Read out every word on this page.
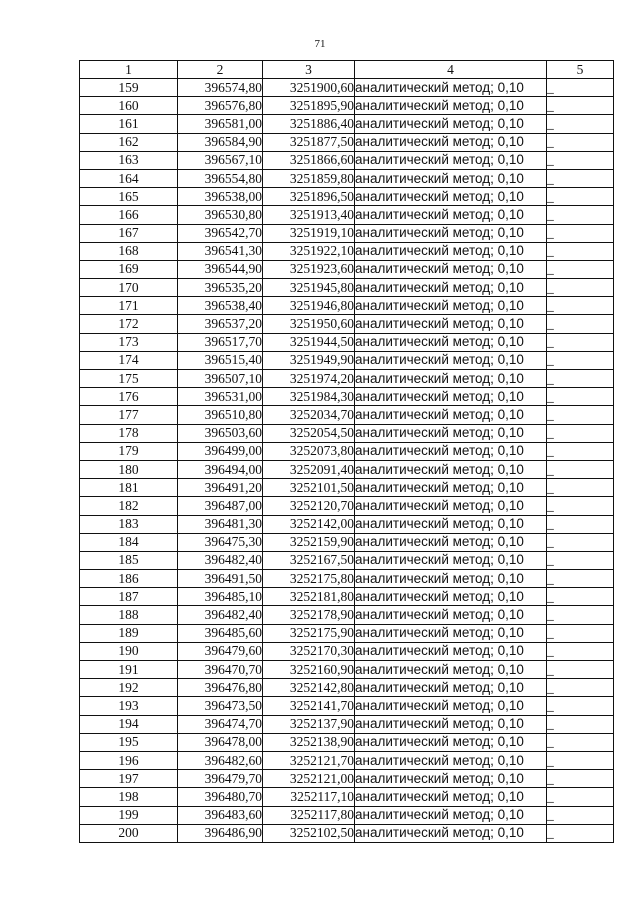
71
1	2	3	4	5
159	396574,80	3251900,60	аналитический метод; 0,10	_
160	396576,80	3251895,90	аналитический метод; 0,10	_
161	396581,00	3251886,40	аналитический метод; 0,10	_
162	396584,90	3251877,50	аналитический метод; 0,10	_
163	396567,10	3251866,60	аналитический метод; 0,10	_
164	396554,80	3251859,80	аналитический метод; 0,10	_
165	396538,00	3251896,50	аналитический метод; 0,10	_
166	396530,80	3251913,40	аналитический метод; 0,10	_
167	396542,70	3251919,10	аналитический метод; 0,10	_
168	396541,30	3251922,10	аналитический метод; 0,10	_
169	396544,90	3251923,60	аналитический метод; 0,10	_
170	396535,20	3251945,80	аналитический метод; 0,10	_
171	396538,40	3251946,80	аналитический метод; 0,10	_
172	396537,20	3251950,60	аналитический метод; 0,10	_
173	396517,70	3251944,50	аналитический метод; 0,10	_
174	396515,40	3251949,90	аналитический метод; 0,10	_
175	396507,10	3251974,20	аналитический метод; 0,10	_
176	396531,00	3251984,30	аналитический метод; 0,10	_
177	396510,80	3252034,70	аналитический метод; 0,10	_
178	396503,60	3252054,50	аналитический метод; 0,10	_
179	396499,00	3252073,80	аналитический метод; 0,10	_
180	396494,00	3252091,40	аналитический метод; 0,10	_
181	396491,20	3252101,50	аналитический метод; 0,10	_
182	396487,00	3252120,70	аналитический метод; 0,10	_
183	396481,30	3252142,00	аналитический метод; 0,10	_
184	396475,30	3252159,90	аналитический метод; 0,10	_
185	396482,40	3252167,50	аналитический метод; 0,10	_
186	396491,50	3252175,80	аналитический метод; 0,10	_
187	396485,10	3252181,80	аналитический метод; 0,10	_
188	396482,40	3252178,90	аналитический метод; 0,10	_
189	396485,60	3252175,90	аналитический метод; 0,10	_
190	396479,60	3252170,30	аналитический метод; 0,10	_
191	396470,70	3252160,90	аналитический метод; 0,10	_
192	396476,80	3252142,80	аналитический метод; 0,10	_
193	396473,50	3252141,70	аналитический метод; 0,10	_
194	396474,70	3252137,90	аналитический метод; 0,10	_
195	396478,00	3252138,90	аналитический метод; 0,10	_
196	396482,60	3252121,70	аналитический метод; 0,10	_
197	396479,70	3252121,00	аналитический метод; 0,10	_
198	396480,70	3252117,10	аналитический метод; 0,10	_
199	396483,60	3252117,80	аналитический метод; 0,10	_
200	396486,90	3252102,50	аналитический метод; 0,10	_
